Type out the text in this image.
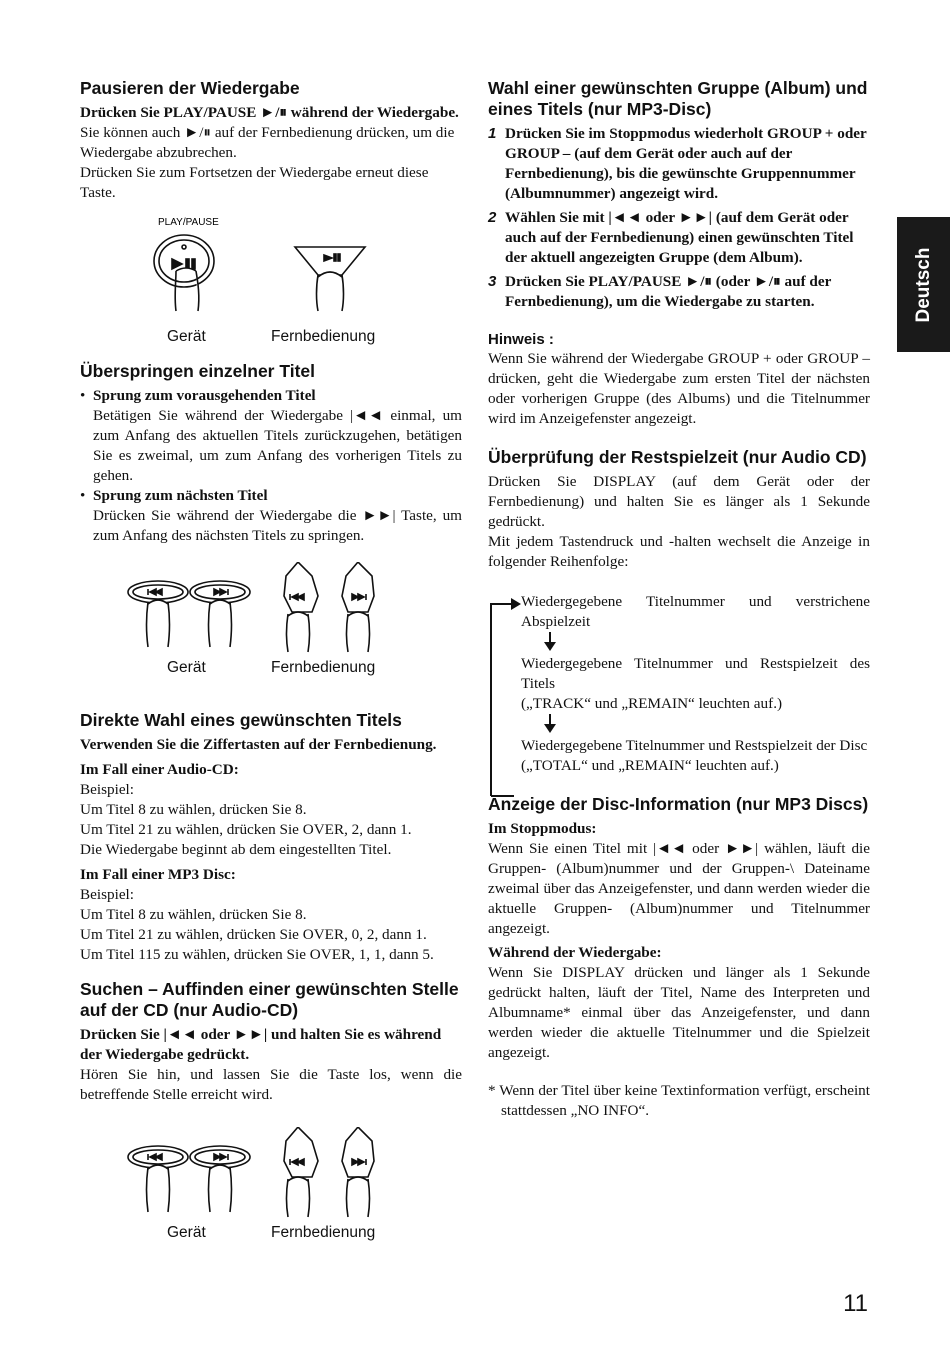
Pausieren der Wiedergabe

Drücken Sie PLAY/PAUSE ►/⏸ während der Wiedergabe.

Sie können auch ►/⏸ auf der Fernbedienung drücken, um die Wiedergabe abzubrechen.

Drücken Sie zum Fortsetzen der Wiedergabe erneut diese Taste.

PLAY/PAUSE
Gerät	Fernbedienung
Überspringen einzelner Titel
• Sprung zum vorausgehenden Titel

Betätigen Sie während der Wiedergabe |◄◄ einmal, um zum Anfang des aktuellen Titels zurückzugehen, betätigen Sie es zweimal, um zum Anfang des vorherigen Titels zu gehen.

• Sprung zum nächsten Titel

Drücken Sie während der Wiedergabe die ►►| Taste, um zum Anfang des nächsten Titels zu springen.

Gerät	Fernbedienung
Direkte Wahl eines gewünschten Titels

Verwenden Sie die Ziffertasten auf der Fernbedienung.

Im Fall einer Audio-CD:

Beispiel:

Um Titel 8 zu wählen, drücken Sie 8.

Um Titel 21 zu wählen, drücken Sie OVER, 2, dann 1.

Die Wiedergabe beginnt ab dem eingestellten Titel.

Im Fall einer MP3 Disc:

Beispiel:

Um Titel 8 zu wählen, drücken Sie 8.

Um Titel 21 zu wählen, drücken Sie OVER, 0, 2, dann 1.

Um Titel 115 zu wählen, drücken Sie OVER, 1, 1, dann 5.

Suchen – Auffinden einer gewünschten Stelle auf der CD (nur Audio-CD)

Drücken Sie |◄◄ oder ►►| und halten Sie es während der Wiedergabe gedrückt.

Hören Sie hin, und lassen Sie die Taste los, wenn die betreffende Stelle erreicht wird.

Gerät	Fernbedienung
Wahl einer gewünschten Gruppe (Album) und eines Titels (nur MP3-Disc)
1 Drücken Sie im Stoppmodus wiederholt GROUP + oder GROUP – (auf dem Gerät oder auch auf der Fernbedienung), bis die gewünschte Gruppennummer (Albumnummer) angezeigt wird.

2 Wählen Sie mit |◄◄ oder ►►| (auf dem Gerät oder auch auf der Fernbedienung) einen gewünschten Titel der aktuell angezeigten Gruppe (dem Album).

3 Drücken Sie PLAY/PAUSE ►/⏸ (oder ►/⏸ auf der Fernbedienung), um die Wiedergabe zu starten.

Hinweis :

Wenn Sie während der Wiedergabe GROUP + oder GROUP – drücken, geht die Wiedergabe zum ersten Titel der nächsten oder vorherigen Gruppe (des Albums) und die Titelnummer wird im Anzeigefenster angezeigt.

Überprüfung der Restspielzeit (nur Audio CD)

Drücken Sie DISPLAY (auf dem Gerät oder der Fernbedienung) und halten Sie es länger als 1 Sekunde gedrückt.

Mit jedem Tastendruck und -halten wechselt die Anzeige in folgender Reihenfolge:

Wiedergegebene Titelnummer und verstrichene Abspielzeit

Wiedergegebene Titelnummer und Restspielzeit des Titels

(„TRACK“ und „REMAIN“ leuchten auf.)

Wiedergegebene Titelnummer und Restspielzeit der Disc

(„TOTAL“ und „REMAIN“ leuchten auf.)

Anzeige der Disc-Information (nur MP3 Discs)

Im Stoppmodus:

Wenn Sie einen Titel mit |◄◄ oder ►►| wählen, läuft die Gruppen- (Album)nummer und der Gruppen-\ Dateiname zweimal über das Anzeigefenster, und dann werden wieder die aktuelle Gruppen- (Album)nummer und Titelnummer angezeigt.

Während der Wiedergabe:

Wenn Sie DISPLAY drücken und länger als 1 Sekunde gedrückt halten, läuft der Titel, Name des Interpreten und Albumname* einmal über das Anzeigefenster, und dann werden wieder die aktuelle Titelnummer und die Spielzeit angezeigt.

* Wenn der Titel über keine Textinformation verfügt, erscheint stattdessen „NO INFO“.

Deutsch
11
